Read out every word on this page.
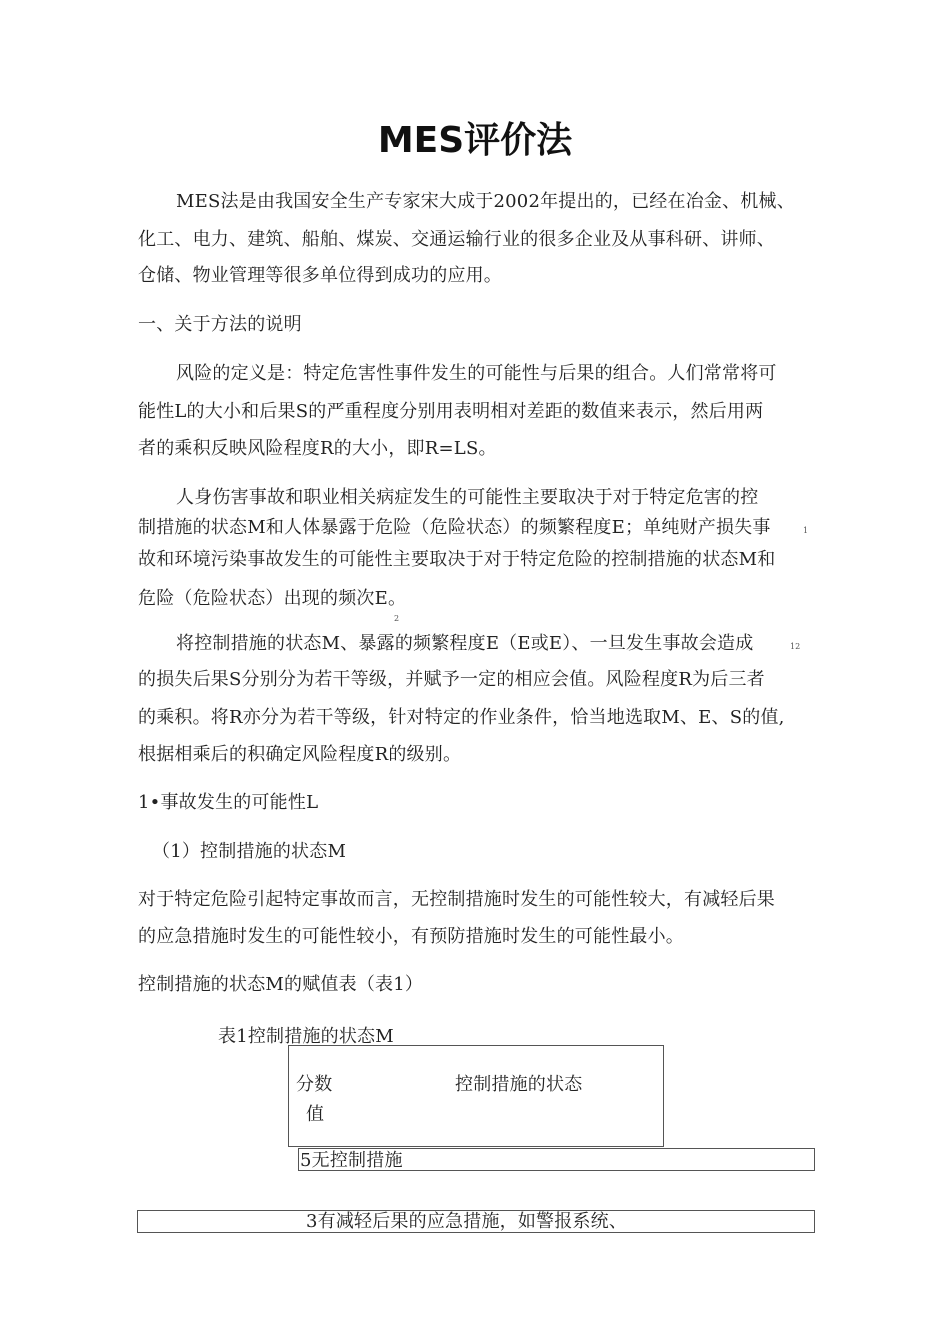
MES评价法
MES法是由我国安全生产专家宋大成于2002年提出的，已经在冶金、机械、
化工、电力、建筑、船舶、煤炭、交通运输行业的很多企业及从事科研、讲师、
仓储、物业管理等很多单位得到成功的应用。
一、关于方法的说明
风险的定义是：特定危害性事件发生的可能性与后果的组合。人们常常将可
能性L的大小和后果S的严重程度分别用表明相对差距的数值来表示，然后用两
者的乘积反映风险程度R的大小，即R=LS。
人身伤害事故和职业相关病症发生的可能性主要取决于对于特定危害的控
制措施的状态M和人体暴露于危险（危险状态）的频繁程度E；单纯财产损失事	1
故和环境污染事故发生的可能性主要取决于对于特定危险的控制措施的状态M和
危险（危险状态）出现的频次E。
2
将控制措施的状态M、暴露的频繁程度E（E或E）、一旦发生事故会造成	12
的损失后果S分别分为若干等级，并赋予一定的相应会值。风险程度R为后三者
的乘积。将R亦分为若干等级，针对特定的作业条件，恰当地选取M、E、S的值,
根据相乘后的积确定风险程度R的级别。
1•事故发生的可能性L
（1）控制措施的状态M
对于特定危险引起特定事故而言，无控制措施时发生的可能性较大，有减轻后果
的应急措施时发生的可能性较小，有预防措施时发生的可能性最小。
控制措施的状态M的赋值表（表1）
表1控制措施的状态M
分数
值
控制措施的状态
5无控制措施
3有减轻后果的应急措施，如警报系统、
